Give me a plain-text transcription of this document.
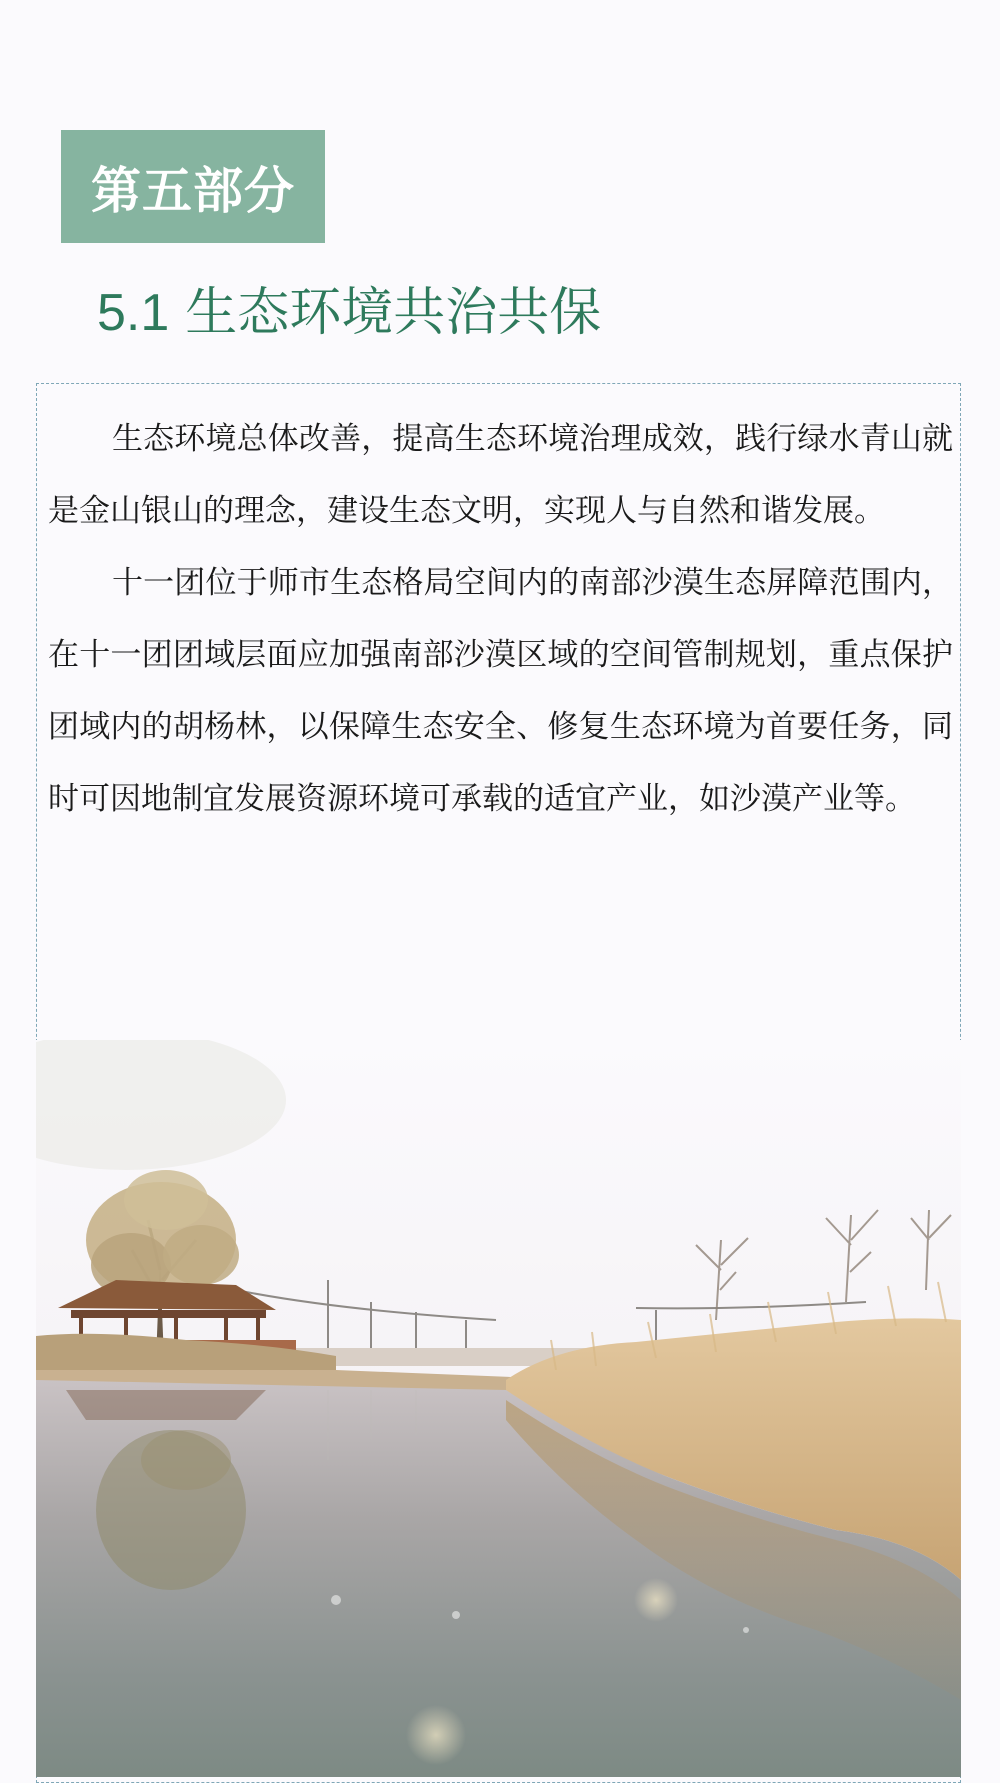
第五部分
5.1 生态环境共治共保

生态环境总体改善，提高生态环境治理成效，践行绿水青山就是金山银山的理念，建设生态文明，实现人与自然和谐发展。

十一团位于师市生态格局空间内的南部沙漠生态屏障范围内，在十一团团域层面应加强南部沙漠区域的空间管制规划，重点保护团域内的胡杨林，以保障生态安全、修复生态环境为首要任务，同时可因地制宜发展资源环境可承载的适宜产业，如沙漠产业等。
